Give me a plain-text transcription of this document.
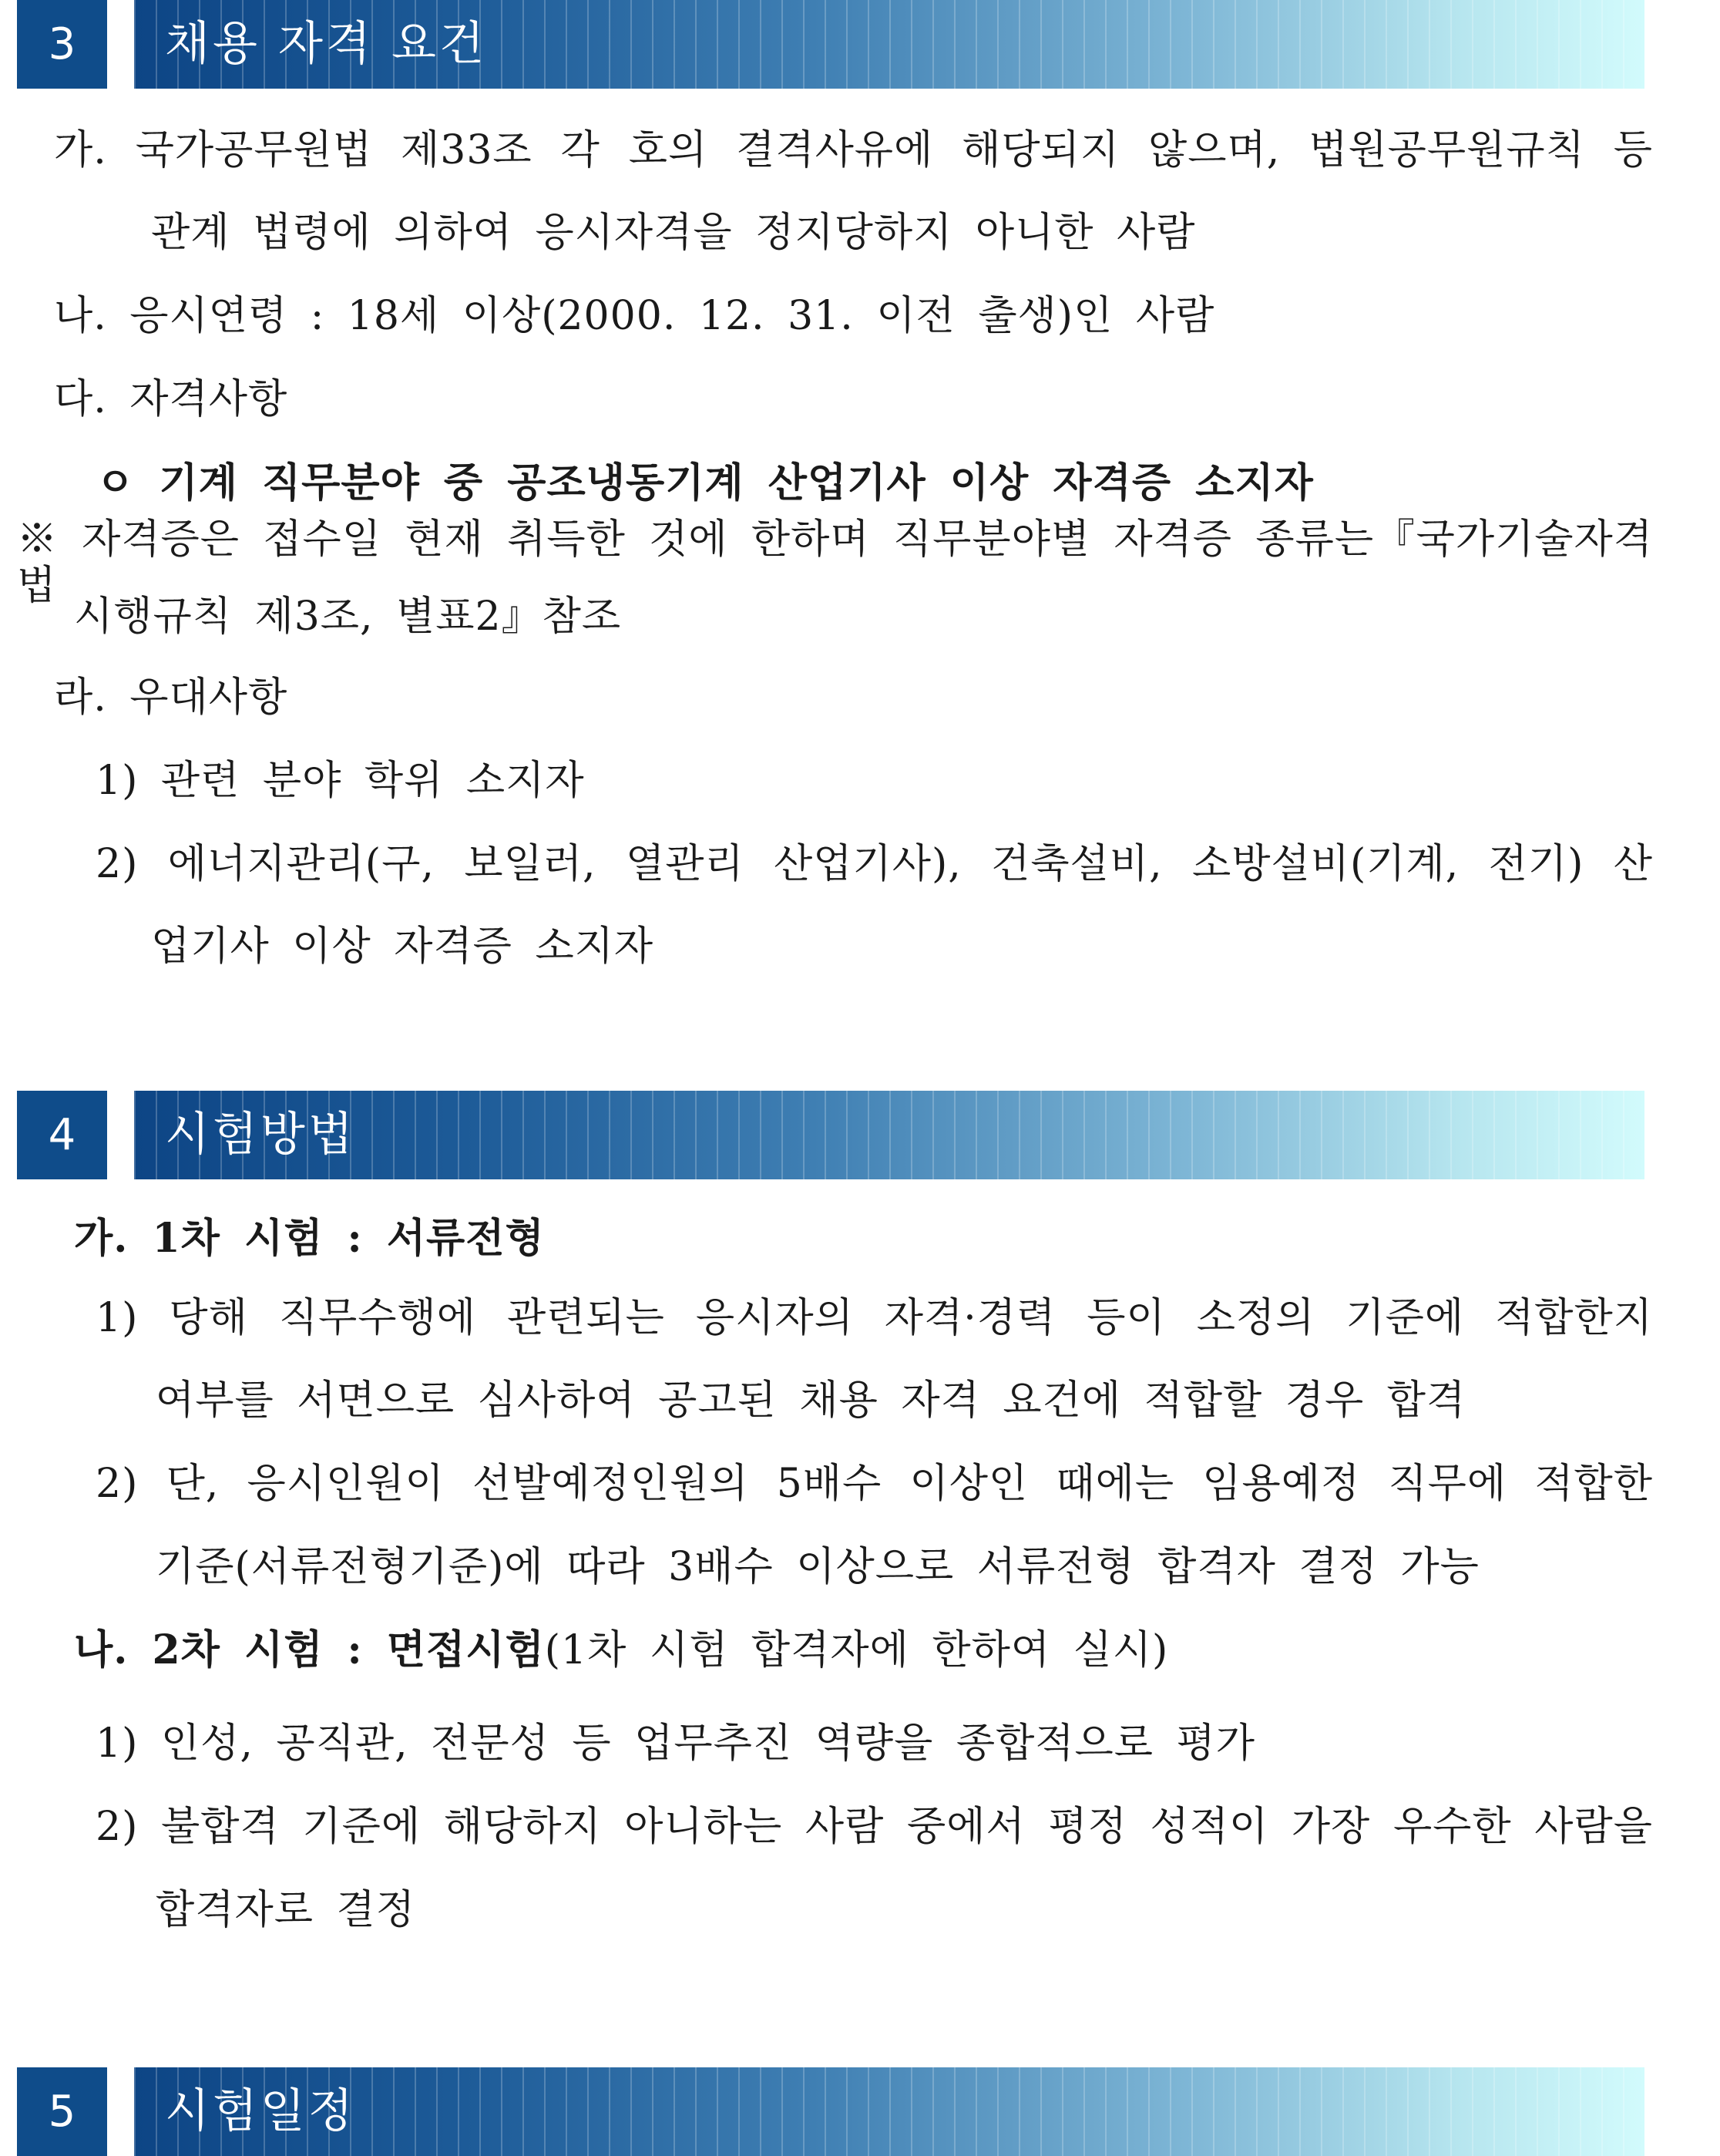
3	채용 자격 요건
가. 국가공무원법 제33조 각 호의 결격사유에 해당되지 않으며, 법원공무원규칙 등
관계 법령에 의하여 응시자격을 정지당하지 아니한 사람
나. 응시연령 : 18세 이상(2000. 12. 31. 이전 출생)인 사람
다. 자격사항
ㅇ 기계 직무분야 중 공조냉동기계 산업기사 이상 자격증 소지자
※ 자격증은 접수일 현재 취득한 것에 한하며 직무분야별 자격증 종류는『국가기술자격법
시행규칙 제3조, 별표2』참조
라. 우대사항
1) 관련 분야 학위 소지자
2) 에너지관리(구, 보일러, 열관리 산업기사), 건축설비, 소방설비(기계, 전기) 산
업기사 이상 자격증 소지자
4	시험방법
가. 1차 시험 : 서류전형
1) 당해 직무수행에 관련되는 응시자의 자격·경력 등이 소정의 기준에 적합한지
여부를 서면으로 심사하여 공고된 채용 자격 요건에 적합할 경우 합격
2) 단, 응시인원이 선발예정인원의 5배수 이상인 때에는 임용예정 직무에 적합한
기준(서류전형기준)에 따라 3배수 이상으로 서류전형 합격자 결정 가능
나. 2차 시험 : 면접시험(1차 시험 합격자에 한하여 실시)
1) 인성, 공직관, 전문성 등 업무추진 역량을 종합적으로 평가
2) 불합격 기준에 해당하지 아니하는 사람 중에서 평정 성적이 가장 우수한 사람을
합격자로 결정
5	시험일정
